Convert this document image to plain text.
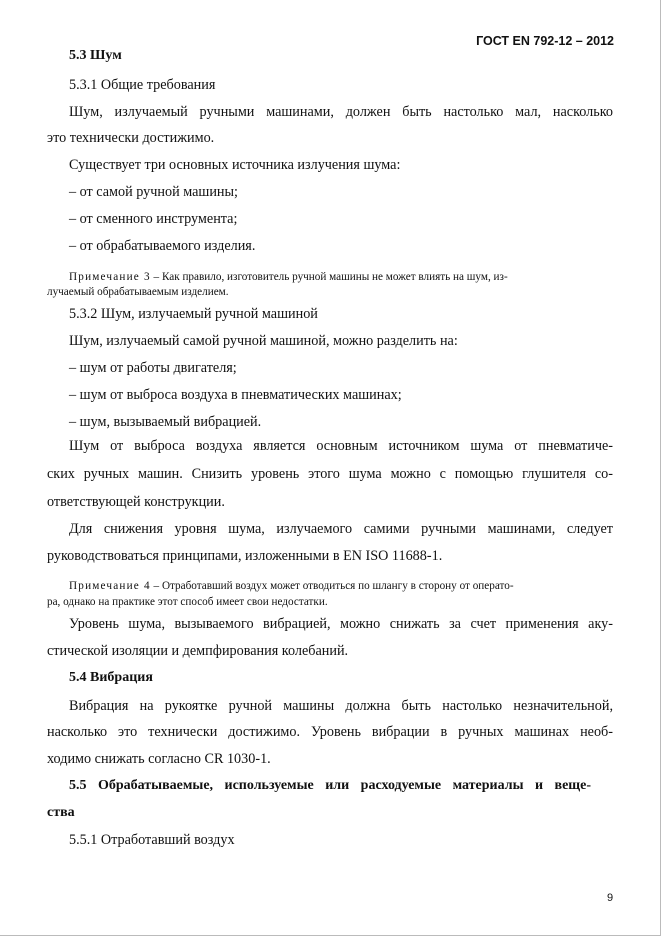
ГОСТ EN 792-12 – 2012
5.3 Шум
5.3.1 Общие требования
Шум, излучаемый ручными машинами, должен быть настолько мал, насколько
это технически достижимо.
Существует три основных источника излучения шума:
– от самой ручной машины;
– от сменного инструмента;
– от обрабатываемого изделия.
Примечание 3 – Как правило, изготовитель ручной машины не может влиять на шум, из-
лучаемый обрабатываемым изделием.
5.3.2 Шум, излучаемый ручной машиной
Шум, излучаемый самой ручной машиной, можно разделить на:
– шум от работы двигателя;
– шум от выброса воздуха в пневматических машинах;
– шум, вызываемый вибрацией.
Шум от выброса воздуха является основным источником шума от пневматиче-
ских ручных машин. Снизить уровень этого шума можно с помощью глушителя со-
ответствующей конструкции.
Для снижения уровня шума, излучаемого самими ручными машинами, следует
руководствоваться принципами, изложенными в EN ISO 11688-1.
Примечание 4 – Отработавший воздух может отводиться по шлангу в сторону от операто-
ра, однако на практике этот способ имеет свои недостатки.
Уровень шума, вызываемого вибрацией, можно снижать за счет применения аку-
стической изоляции и демпфирования колебаний.
5.4 Вибрация
Вибрация на рукоятке ручной машины должна быть настолько незначительной,
насколько это технически достижимо. Уровень вибрации в ручных машинах необ-
ходимо снижать согласно CR 1030-1.
5.5 Обрабатываемые, используемые или расходуемые материалы и веще-
ства
5.5.1 Отработавший воздух
9
